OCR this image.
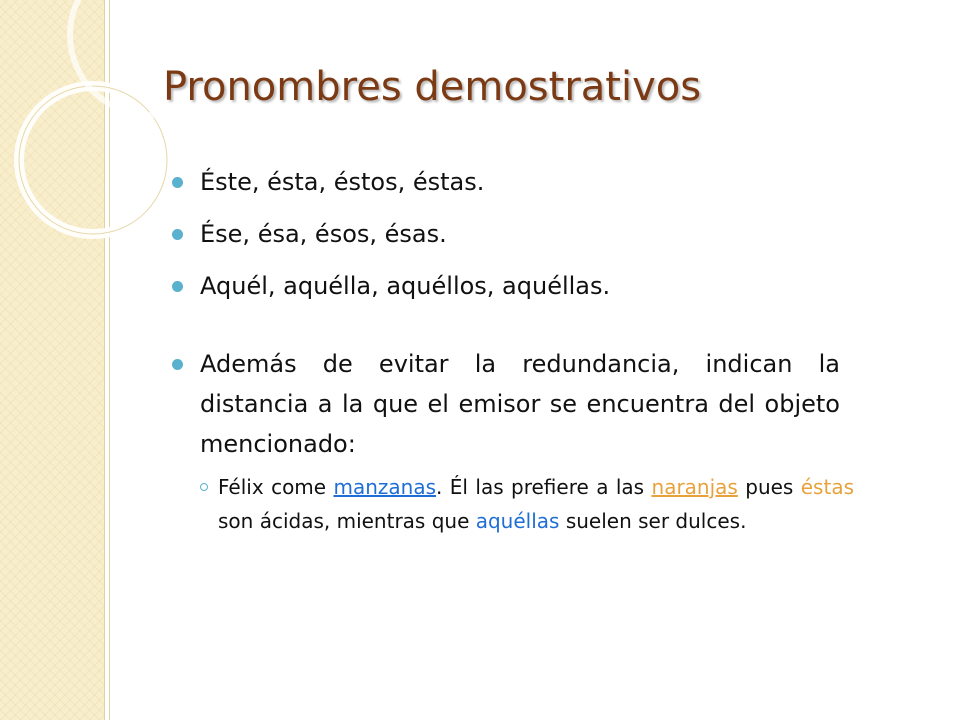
Pronombres demostrativos
Éste, ésta, éstos, éstas.
Ése, ésa, ésos, ésas.
Aquél, aquélla, aquéllos, aquéllas.
Además de evitar la redundancia, indican la distancia a la que el emisor se encuentra del objeto mencionado:
Félix come manzanas. Él las prefiere a las naranjas pues éstas son ácidas, mientras que aquéllas suelen ser dulces.
